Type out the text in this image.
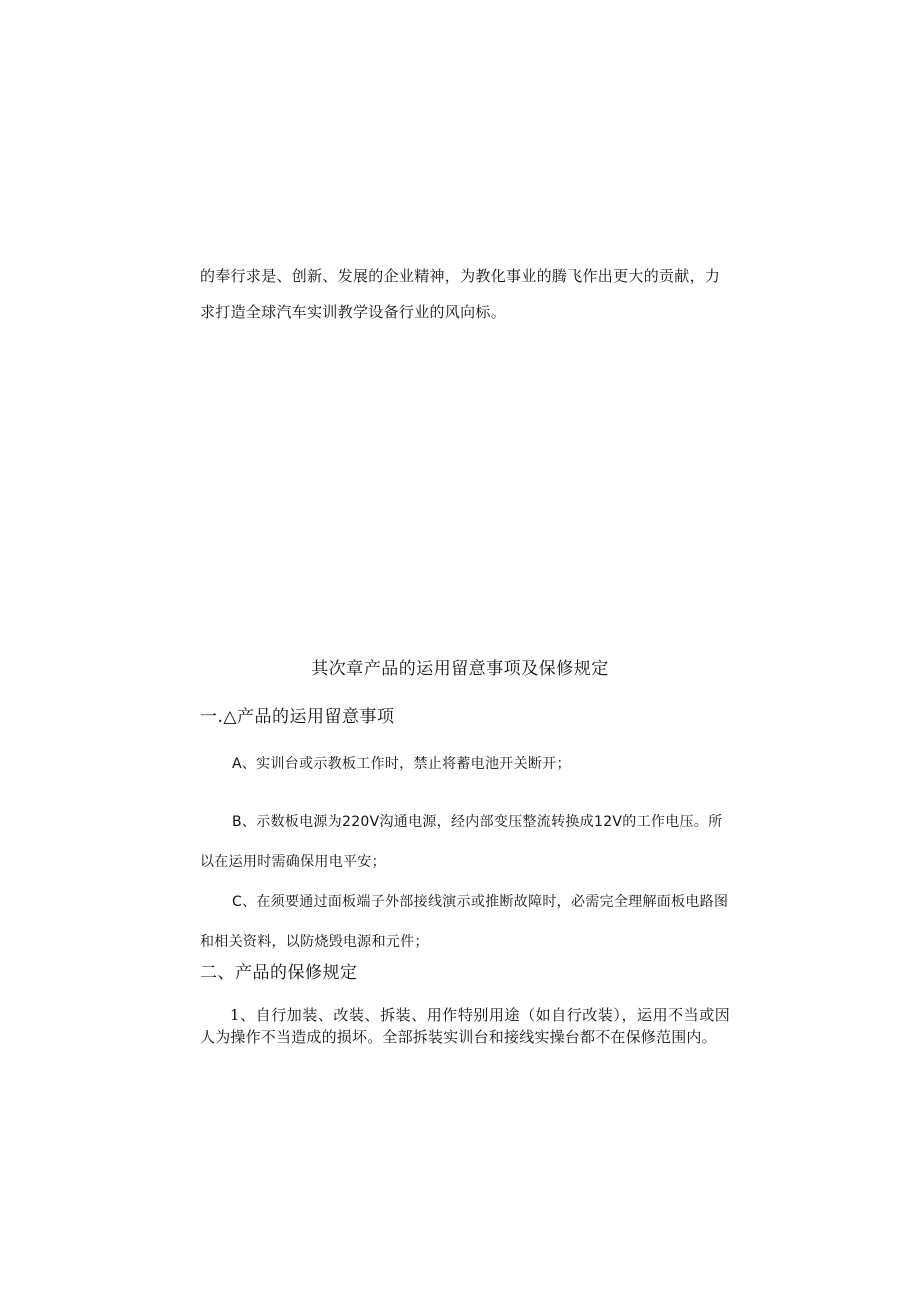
的奉行求是、创新、发展的企业精神，为教化事业的腾飞作出更大的贡献，力求打造全球汽车实训教学设备行业的风向标。

其次章产品的运用留意事项及保修规定
一.△产品的运用留意事项

A、实训台或示教板工作时，禁止将蓄电池开关断开；

B、示数板电源为220V沟通电源，经内部变压整流转换成12V的工作电压。所以在运用时需确保用电平安；

C、在须要通过面板端子外部接线演示或推断故障时，必需完全理解面板电路图和相关资料，以防烧毁电源和元件；

二、产品的保修规定

1、自行加装、改装、拆装、用作特别用途（如自行改装），运用不当或因人为操作不当造成的损坏。全部拆装实训台和接线实操台都不在保修范围内。
